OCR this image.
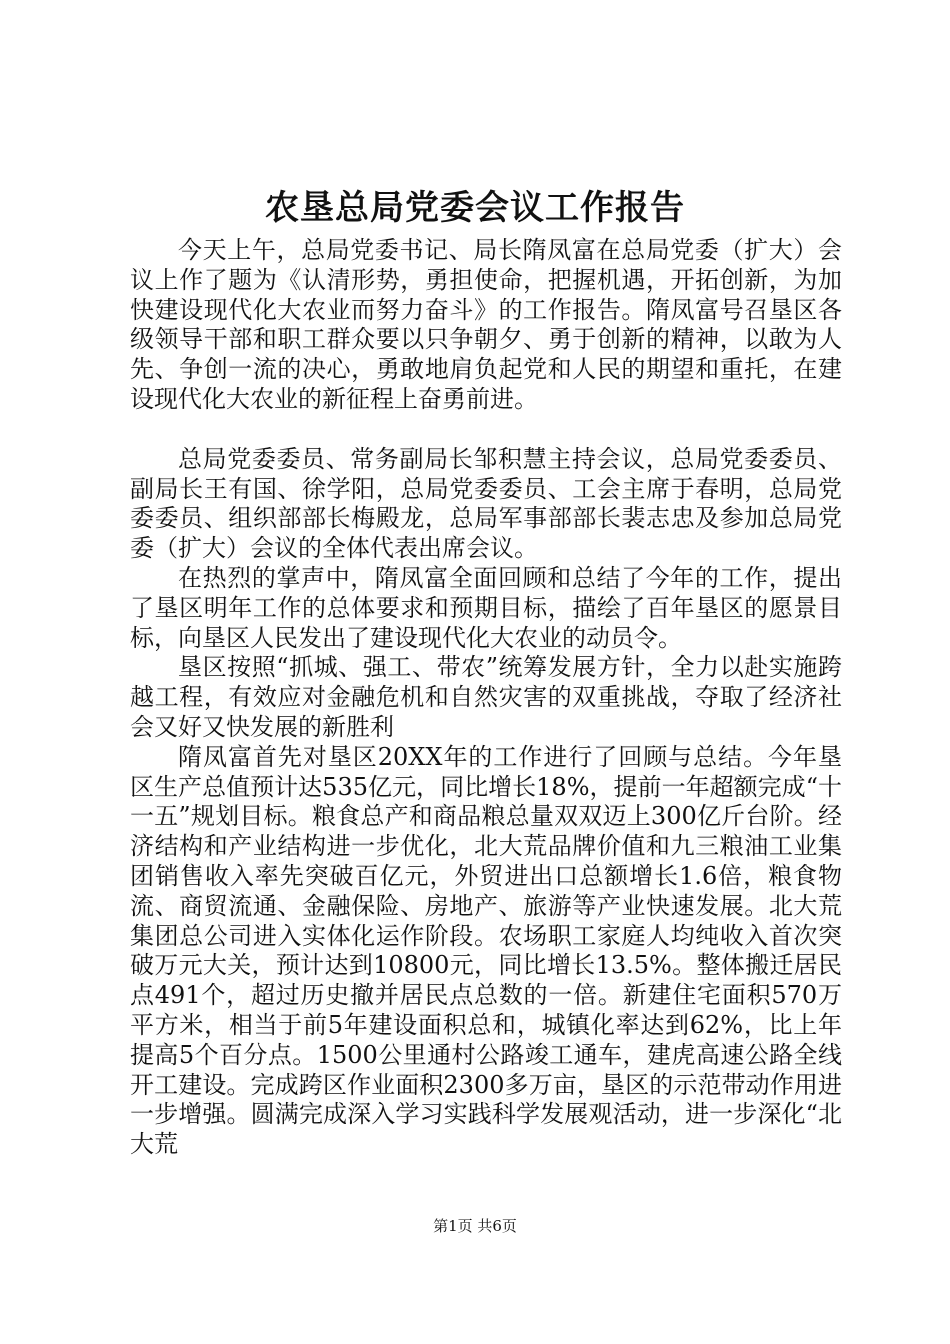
农垦总局党委会议工作报告

今天上午，总局党委书记、局长隋凤富在总局党委（扩大）会议上作了题为《认清形势，勇担使命，把握机遇，开拓创新，为加快建设现代化大农业而努力奋斗》的工作报告。隋凤富号召垦区各级领导干部和职工群众要以只争朝夕、勇于创新的精神，以敢为人先、争创一流的决心，勇敢地肩负起党和人民的期望和重托，在建设现代化大农业的新征程上奋勇前进。

总局党委委员、常务副局长邹积慧主持会议，总局党委委员、副局长王有国、徐学阳，总局党委委员、工会主席于春明，总局党委委员、组织部部长梅殿龙，总局军事部部长裴志忠及参加总局党委（扩大）会议的全体代表出席会议。

在热烈的掌声中，隋凤富全面回顾和总结了今年的工作，提出了垦区明年工作的总体要求和预期目标，描绘了百年垦区的愿景目标，向垦区人民发出了建设现代化大农业的动员令。

垦区按照“抓城、强工、带农”统筹发展方针，全力以赴实施跨越工程，有效应对金融危机和自然灾害的双重挑战，夺取了经济社会又好又快发展的新胜利

隋凤富首先对垦区20XX年的工作进行了回顾与总结。今年垦区生产总值预计达535亿元，同比增长18%，提前一年超额完成“十一五”规划目标。粮食总产和商品粮总量双双迈上300亿斤台阶。经济结构和产业结构进一步优化，北大荒品牌价值和九三粮油工业集团销售收入率先突破百亿元，外贸进出口总额增长1.6倍，粮食物流、商贸流通、金融保险、房地产、旅游等产业快速发展。北大荒集团总公司进入实体化运作阶段。农场职工家庭人均纯收入首次突破万元大关，预计达到10800元，同比增长13.5%。整体搬迁居民点491个，超过历史撤并居民点总数的一倍。新建住宅面积570万平方米，相当于前5年建设面积总和，城镇化率达到62%，比上年提高5个百分点。1500公里通村公路竣工通车，建虎高速公路全线开工建设。完成跨区作业面积2300多万亩，垦区的示范带动作用进一步增强。圆满完成深入学习实践科学发展观活动，进一步深化“北大荒

第1页 共6页
